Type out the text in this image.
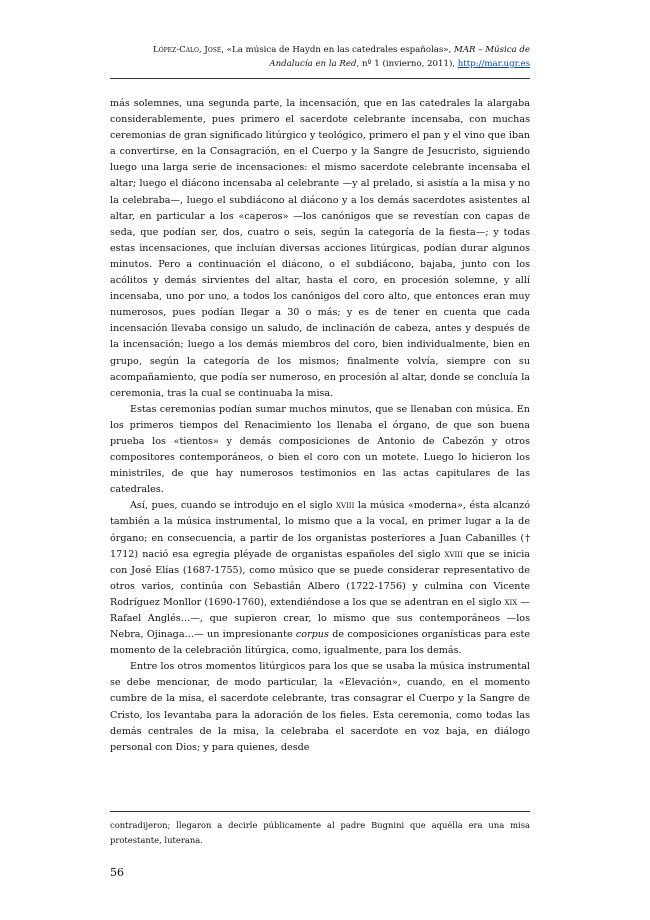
López-Calo, José, «La música de Haydn en las catedrales españolas», MAR – Música de Andalucía en la Red, nº 1 (invierno, 2011), http://mar.ugr.es

más solemnes, una segunda parte, la incensación, que en las catedrales la alargaba considerablemente, pues primero el sacerdote celebrante incensaba, con muchas ceremonias de gran significado litúrgico y teológico, primero el pan y el vino que iban a convertirse, en la Consagración, en el Cuerpo y la Sangre de Jesucristo, siguiendo luego una larga serie de incensaciones: el mismo sacerdote celebrante incensaba el altar; luego el diácono incensaba al celebrante —y al prelado, si asistía a la misa y no la celebraba—, luego el subdiácono al diácono y a los demás sacerdotes asistentes al altar, en particular a los «caperos» —los canónigos que se revestían con capas de seda, que podían ser, dos, cuatro o seis, según la categoría de la fiesta—; y todas estas incensaciones, que incluían diversas acciones litúrgicas, podían durar algunos minutos. Pero a continuación el diácono, o el subdiácono, bajaba, junto con los acólitos y demás sirvientes del altar, hasta el coro, en procesión solemne, y allí incensaba, uno por uno, a todos los canónigos del coro alto, que entonces eran muy numerosos, pues podían llegar a 30 o más; y es de tener en cuenta que cada incensación llevaba consigo un saludo, de inclinación de cabeza, antes y después de la incensación; luego a los demás miembros del coro, bien individualmente, bien en grupo, según la categoría de los mismos; finalmente volvía, siempre con su acompañamiento, que podía ser numeroso, en procesión al altar, donde se concluía la ceremonia, tras la cual se continuaba la misa.

Estas ceremonias podían sumar muchos minutos, que se llenaban con música. En los primeros tiempos del Renacimiento los llenaba el órgano, de que son buena prueba los «tientos» y demás composiciones de Antonio de Cabezón y otros compositores contemporáneos, o bien el coro con un motete. Luego lo hicieron los ministriles, de que hay numerosos testimonios en las actas capitulares de las catedrales.

Así, pues, cuando se introdujo en el siglo xviii la música «moderna», ésta alcanzó también a la música instrumental, lo mismo que a la vocal, en primer lugar a la de órgano; en consecuencia, a partir de los organistas posteriores a Juan Cabanilles († 1712) nació esa egregia pléyade de organistas españoles del siglo xviii que se inicia con José Elías (1687-1755), como músico que se puede considerar representativo de otros varios, continúa con Sebastián Albero (1722-1756) y culmina con Vicente Rodríguez Monllor (1690-1760), extendiéndose a los que se adentran en el siglo xix —Rafael Anglés…—, que supieron crear, lo mismo que sus contemporáneos —los Nebra, Ojinaga…— un impresionante corpus de composiciones organísticas para este momento de la celebración litúrgica, como, igualmente, para los demás.

Entre los otros momentos litúrgicos para los que se usaba la música instrumental se debe mencionar, de modo particular, la «Elevación», cuando, en el momento cumbre de la misa, el sacerdote celebrante, tras consagrar el Cuerpo y la Sangre de Cristo, los levantaba para la adoración de los fieles. Esta ceremonia, como todas las demás centrales de la misa, la celebraba el sacerdote en voz baja, en diálogo personal con Dios; y para quienes, desde

contradijeron; llegaron a decirle públicamente al padre Bugnini que aquélla era una misa protestante, luterana.
56
